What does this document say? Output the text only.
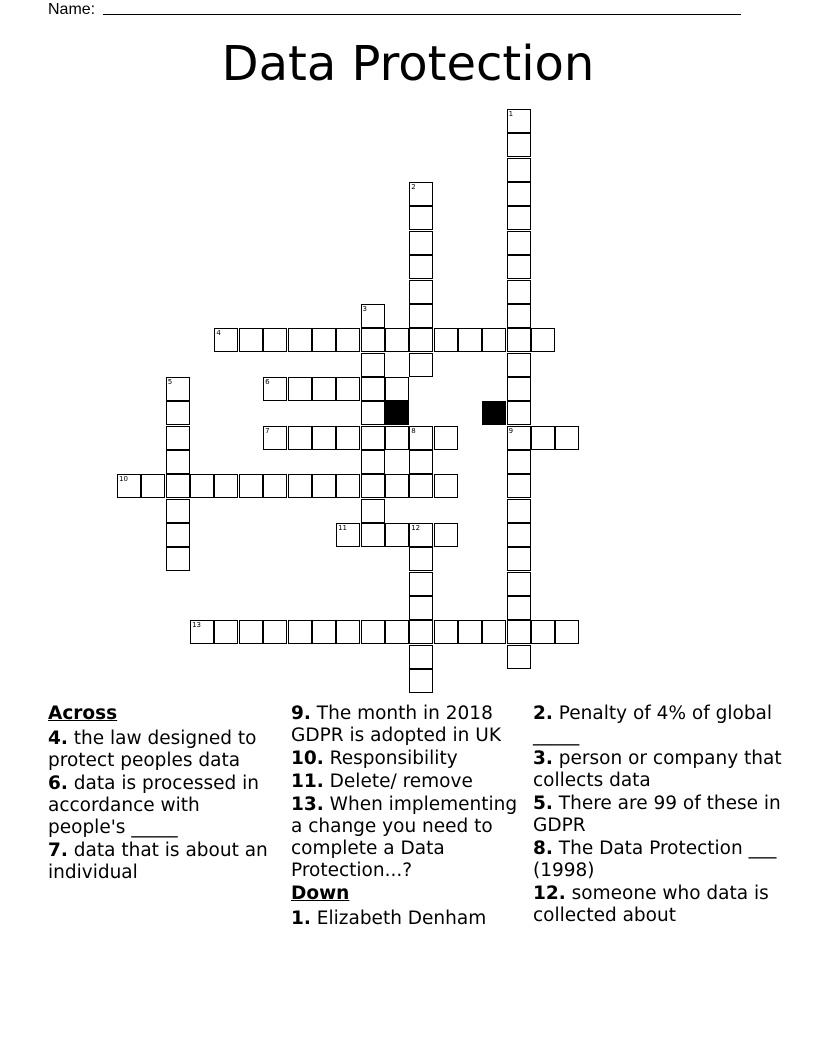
Name:
Data Protection
1
9
2
3
4
5	6
7	8
10
11	12
13
Across
4. the law designed to protect peoples data
6. data is processed in accordance with people's _____
7. data that is about an individual
9. The month in 2018 GDPR is adopted in UK
10. Responsibility
11. Delete/ remove
13. When implementing a change you need to complete a Data Protection...?
Down
1. Elizabeth Denham
2. Penalty of 4% of global _____
3. person or company that collects data
5. There are 99 of these in GDPR
8. The Data Protection ___ (1998)
12. someone who data is collected about
